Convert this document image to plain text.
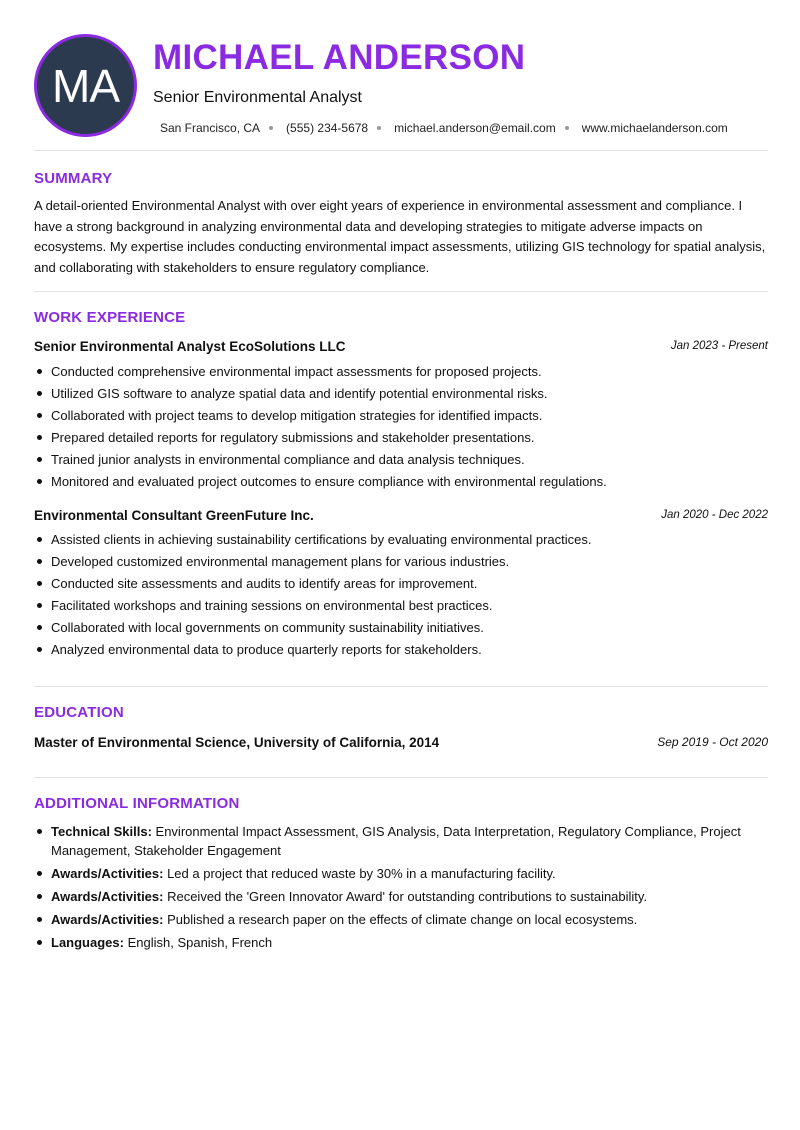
MA
MICHAEL ANDERSON
Senior Environmental Analyst
San Francisco, CA (555) 234-5678 michael.anderson@email.com www.michaelanderson.com
SUMMARY
A detail-oriented Environmental Analyst with over eight years of experience in environmental assessment and compliance. I have a strong background in analyzing environmental data and developing strategies to mitigate adverse impacts on ecosystems. My expertise includes conducting environmental impact assessments, utilizing GIS technology for spatial analysis, and collaborating with stakeholders to ensure regulatory compliance.
WORK EXPERIENCE
Senior Environmental Analyst EcoSolutions LLC	Jan 2023 - Present
Conducted comprehensive environmental impact assessments for proposed projects.
Utilized GIS software to analyze spatial data and identify potential environmental risks.
Collaborated with project teams to develop mitigation strategies for identified impacts.
Prepared detailed reports for regulatory submissions and stakeholder presentations.
Trained junior analysts in environmental compliance and data analysis techniques.
Monitored and evaluated project outcomes to ensure compliance with environmental regulations.
Environmental Consultant GreenFuture Inc.	Jan 2020 - Dec 2022
Assisted clients in achieving sustainability certifications by evaluating environmental practices.
Developed customized environmental management plans for various industries.
Conducted site assessments and audits to identify areas for improvement.
Facilitated workshops and training sessions on environmental best practices.
Collaborated with local governments on community sustainability initiatives.
Analyzed environmental data to produce quarterly reports for stakeholders.
EDUCATION
Master of Environmental Science, University of California, 2014	Sep 2019 - Oct 2020
ADDITIONAL INFORMATION
Technical Skills: Environmental Impact Assessment, GIS Analysis, Data Interpretation, Regulatory Compliance, Project Management, Stakeholder Engagement
Awards/Activities: Led a project that reduced waste by 30% in a manufacturing facility.
Awards/Activities: Received the 'Green Innovator Award' for outstanding contributions to sustainability.
Awards/Activities: Published a research paper on the effects of climate change on local ecosystems.
Languages: English, Spanish, French
